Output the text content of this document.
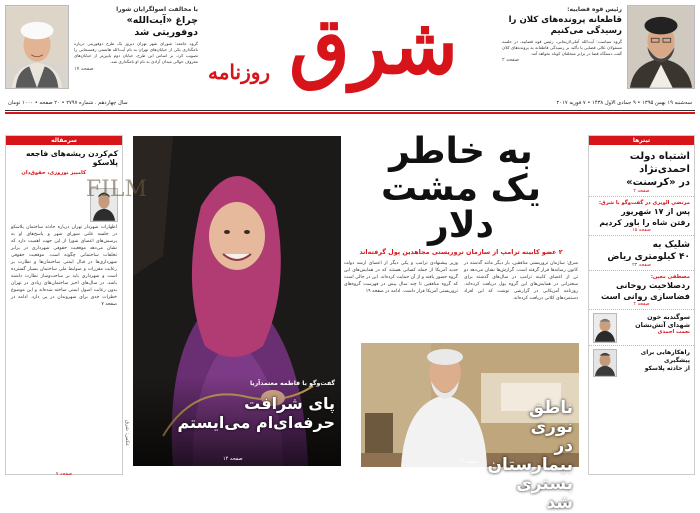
با مخالفت اصولگرایان شورا
چراغ «آیت‌الله»
دوفوریتی شد
گروه جامعه: شورای شهر تهران دیروز یک طرح دوفوریتی درباره نامگذاری یکی از خیابان‌های تهران به نام آیت‌الله هاشمی رفسنجانی را تصویب کرد. بر اساس این طرح، خیابان دوم پایین‌تر از خیابان‌های معروف حوالی میدان آزادی به نام او نامگذاری شد.
صفحه ۱۷	شرق
روزنامه
رئیس قوه قضاییه:
قاطعانه پرونده‌های کلان را
رسیدگی می‌کنیم
گروه سیاست: آیت‌الله آملی‌لاریجانی، رئیس قوه قضاییه، در جلسه مسئولان عالی قضایی با تأکید بر رسیدگی قاطعانه به پرونده‌های کلان گفت دستگاه قضا در برابر متخلفان کوتاه نخواهد آمد.
صفحه ۲
سال چهاردهم . شماره ۲۷۹۷ • ۲۰ صفحه • ۱۰۰۰ تومان	سه‌شنبه ۱۹ بهمن ۱۳۹۵ • ۹ جمادی الاول ۱۴۳۸ • ۷ فوریه ۲۰۱۷
سرمقاله
کم‌کردن ریشه‌های فاجعه پلاسکو
کامبیز نوروزی، حقوق‌دان
اظهارات شهردار تهران درباره حادثه ساختمان پلاسکو در جلسه علنی شورای شهر و پاسخ‌های او به پرسش‌های اعضای شورا از این جهت اهمیت دارد که نشان می‌دهد موقعیت حقوقی شهرداری در برابر تخلفات ساختمانی چگونه است. موقعیت حقوقی شهرداری‌ها در قبال ایمنی ساختمان‌ها و نظارت بر رعایت مقررات و ضوابط ملی ساختمان بسیار گسترده است و شهرداری باید بر ساخت‌وساز نظارت داشته باشد. در سال‌های اخیر ساختمان‌های زیادی در تهران بدون رعایت اصول ایمنی ساخته شده‌اند و این موضوع خطرات جدی برای شهروندان در پی دارد. ادامه در صفحه ۷
صفحه ۷
به خاطر
یک مشت دلار
۲ عضو کابینه ترامپ از سازمان تروریستی مجاهدین پول گرفته‌اند
شرق: سازمان تروریستی منافقین، بار دیگر مانند گذشته در کانون رسانه‌ها قرار گرفته است. گزارش‌ها نشان می‌دهد دو تن از اعضای کابینه ترامپ در سال‌های گذشته برای سخنرانی در همایش‌های این گروه پول دریافت کرده‌اند. روزنامه آمریکایی در گزارشی نوشت که این افراد دستمزدهای کلانی دریافت کرده‌اند.
وزیر پیشنهادی ترامپ و یکی دیگر از اعضای ارشد دولت جدید آمریکا از جمله کسانی هستند که در همایش‌های این گروه حضور یافته و از آن حمایت کرده‌اند. این در حالی است که گروه منافقین تا چند سال پیش در فهرست گروه‌های تروریستی آمریکا قرار داشت. ادامه در صفحه ۱۹
FILM
گفت‌وگو با فاطمه معتمدآریا
پای شرافت
حرفه‌ای‌ام می‌ایستم
صفحه ۱۴
عکس: شرق
ناطق نوری
در بیمارستان
بستری شد
صفحه ۳
تیترها
اشتباه دولت
احمدی‌نژاد
در «کرسنت»
صفحه ۲
مرتضی الویری در گفت‌وگو با شرق:
پس از ۱۷ شهریور
رفتن شاه را باور کردیم
صفحه ۱۵
شلیک به
۴۰ کیلومتری ریاض
صفحه ۲۳
مصطفی معین:
ردصلاحیت روحانی
فضاسازی روانی است
صفحه ۲
سوگندبه خون
شهدای آتش‌نشان
نعمت احمدی
راهکارهایی برای پیشگیری
از حادثه پلاسکو
